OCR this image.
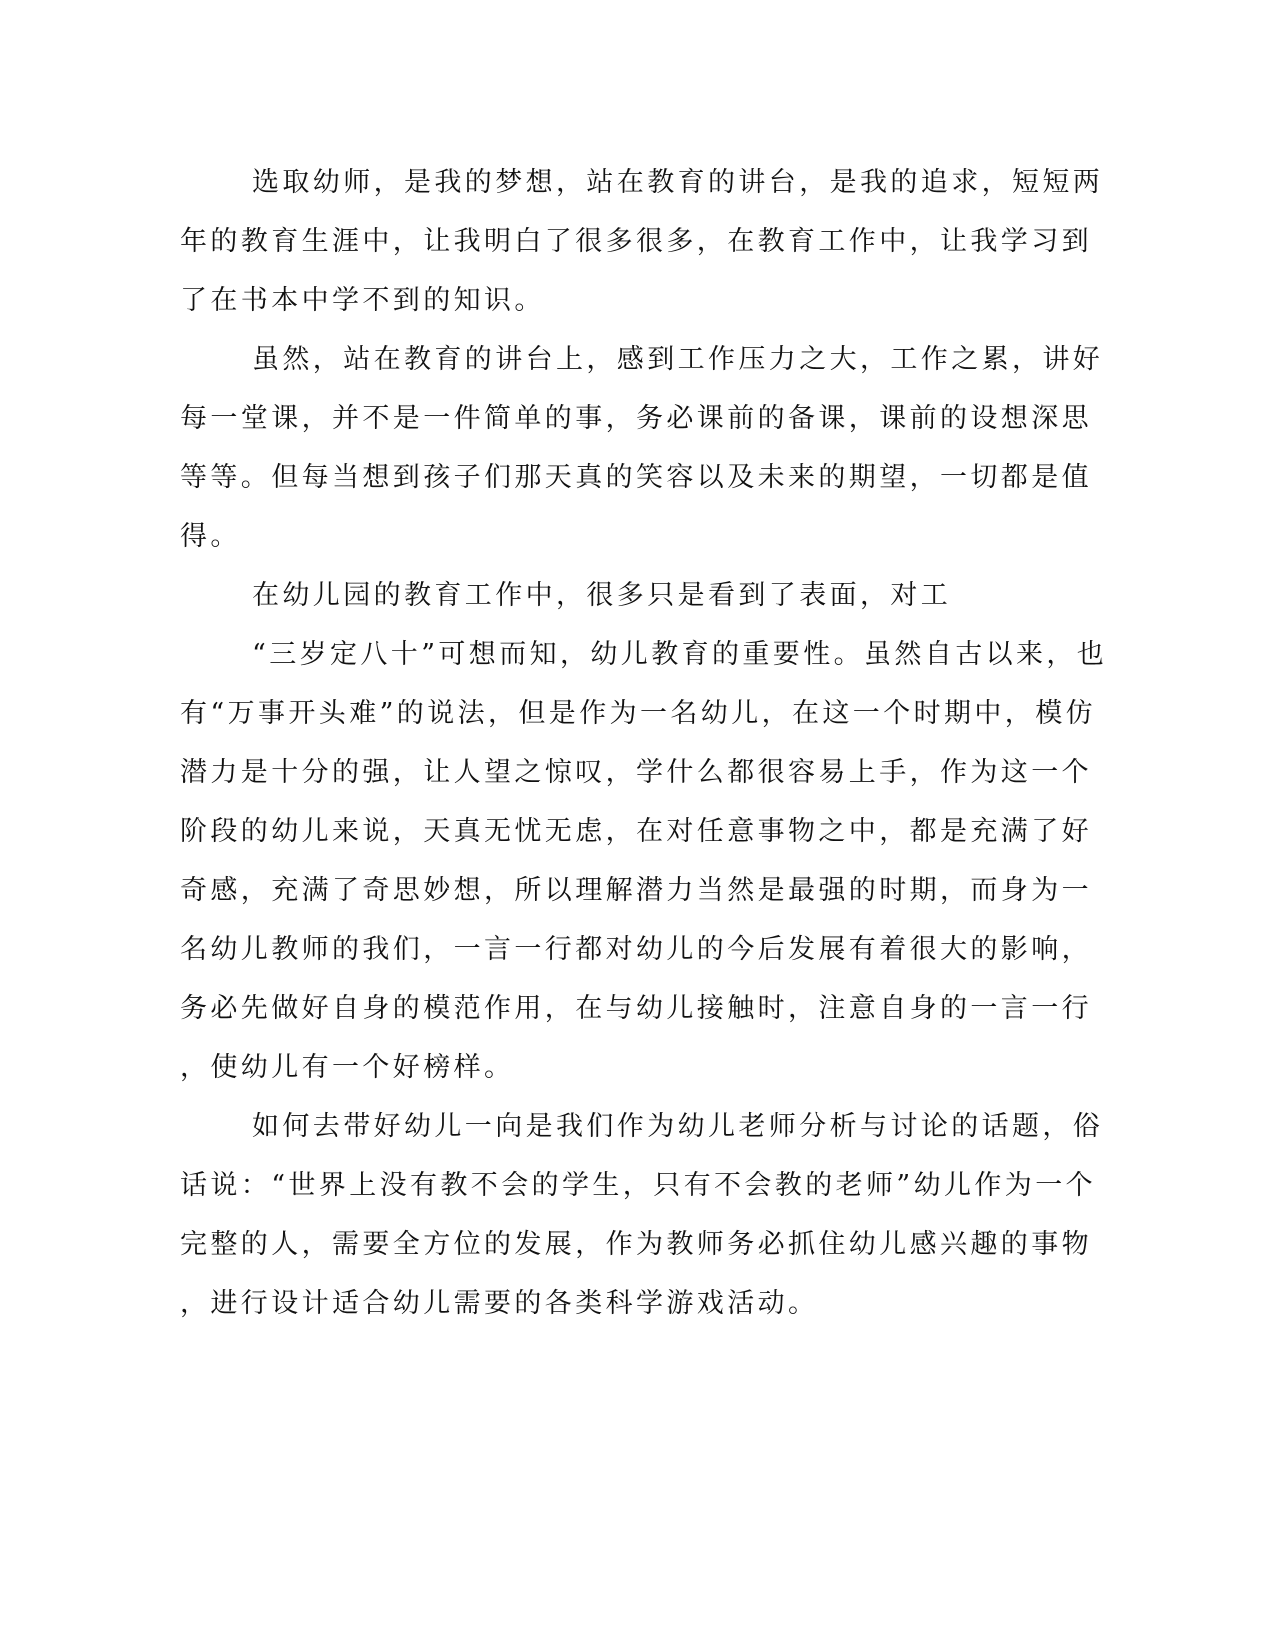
选取幼师，是我的梦想，站在教育的讲台，是我的追求，短短两
年的教育生涯中，让我明白了很多很多，在教育工作中，让我学习到
了在书本中学不到的知识。
虽然，站在教育的讲台上，感到工作压力之大，工作之累，讲好
每一堂课，并不是一件简单的事，务必课前的备课，课前的设想深思
等等。但每当想到孩子们那天真的笑容以及未来的期望，一切都是值
得。
在幼儿园的教育工作中，很多只是看到了表面，对工
“三岁定八十”可想而知，幼儿教育的重要性。虽然自古以来，也
有“万事开头难”的说法，但是作为一名幼儿，在这一个时期中，模仿
潜力是十分的强，让人望之惊叹，学什么都很容易上手，作为这一个
阶段的幼儿来说，天真无忧无虑，在对任意事物之中，都是充满了好
奇感，充满了奇思妙想，所以理解潜力当然是最强的时期，而身为一
名幼儿教师的我们，一言一行都对幼儿的今后发展有着很大的影响，
务必先做好自身的模范作用，在与幼儿接触时，注意自身的一言一行
，使幼儿有一个好榜样。
如何去带好幼儿一向是我们作为幼儿老师分析与讨论的话题，俗
话说：“世界上没有教不会的学生，只有不会教的老师”幼儿作为一个
完整的人，需要全方位的发展，作为教师务必抓住幼儿感兴趣的事物
，进行设计适合幼儿需要的各类科学游戏活动。
